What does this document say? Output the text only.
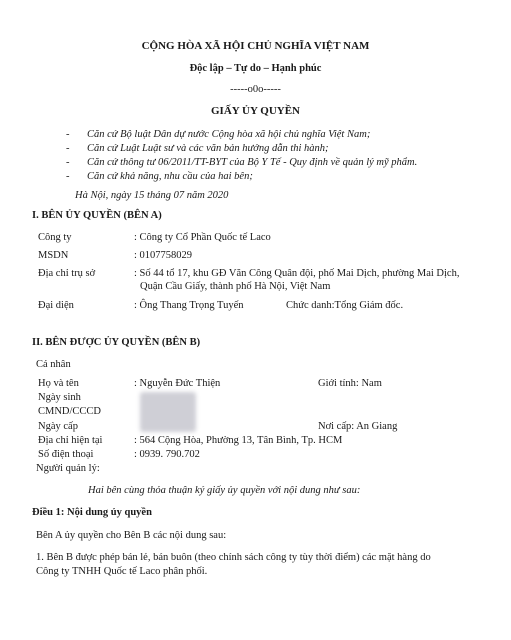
CỘNG HÒA XÃ HỘI CHỦ NGHĨA VIỆT NAM
Độc lập – Tự do – Hạnh phúc
-----o0o-----
GIẤY ỦY QUYỀN
- Căn cứ Bộ luật Dân dự nước Cộng hòa xã hội chủ nghĩa Việt Nam;
- Căn cứ Luật Luật sư và các văn bản hướng dẫn thi hành;
- Căn cứ thông tư 06/2011/TT-BYT của Bộ Y Tế - Quy định về quản lý mỹ phẩm.
- Căn cứ khả năng, nhu cầu của hai bên;
Hà Nội, ngày 15 tháng 07 năm 2020
I. BÊN ỦY QUYỀN (BÊN A)
Công ty	: Công ty Cổ Phần Quốc tế Laco
MSDN	: 0107758029
Địa chỉ trụ sở	: Số 44 tổ 17, khu GĐ Văn Công Quân đội, phố Mai Dịch, phường Mai Dịch,
Quận Cầu Giấy, thành phố Hà Nội, Việt Nam
Đại diện	: Ông Thang Trọng Tuyến	Chức danh:Tổng Giám đốc.
II. BÊN ĐƯỢC ỦY QUYỀN (BÊN B)
Cá nhân
Họ và tên	: Nguyễn Đức Thiện	Giới tính: Nam
Ngày sinh
CMND/CCCD
Ngày cấp	Nơi cấp: An Giang
Địa chỉ hiện tại	: 564 Cộng Hòa, Phường 13, Tân Bình, Tp. HCM
Số điện thoại	: 0939. 790.702
Người quản lý:
Hai bên cùng thỏa thuận ký giấy ủy quyền với nội dung như sau:
Điều 1: Nội dung ủy quyền
Bên A ủy quyền cho Bên B các nội dung sau:
1. Bên B được phép bán lẻ, bán buôn (theo chính sách công ty tùy thời điểm) các mặt hàng do
Công ty TNHH Quốc tế Laco phân phối.
